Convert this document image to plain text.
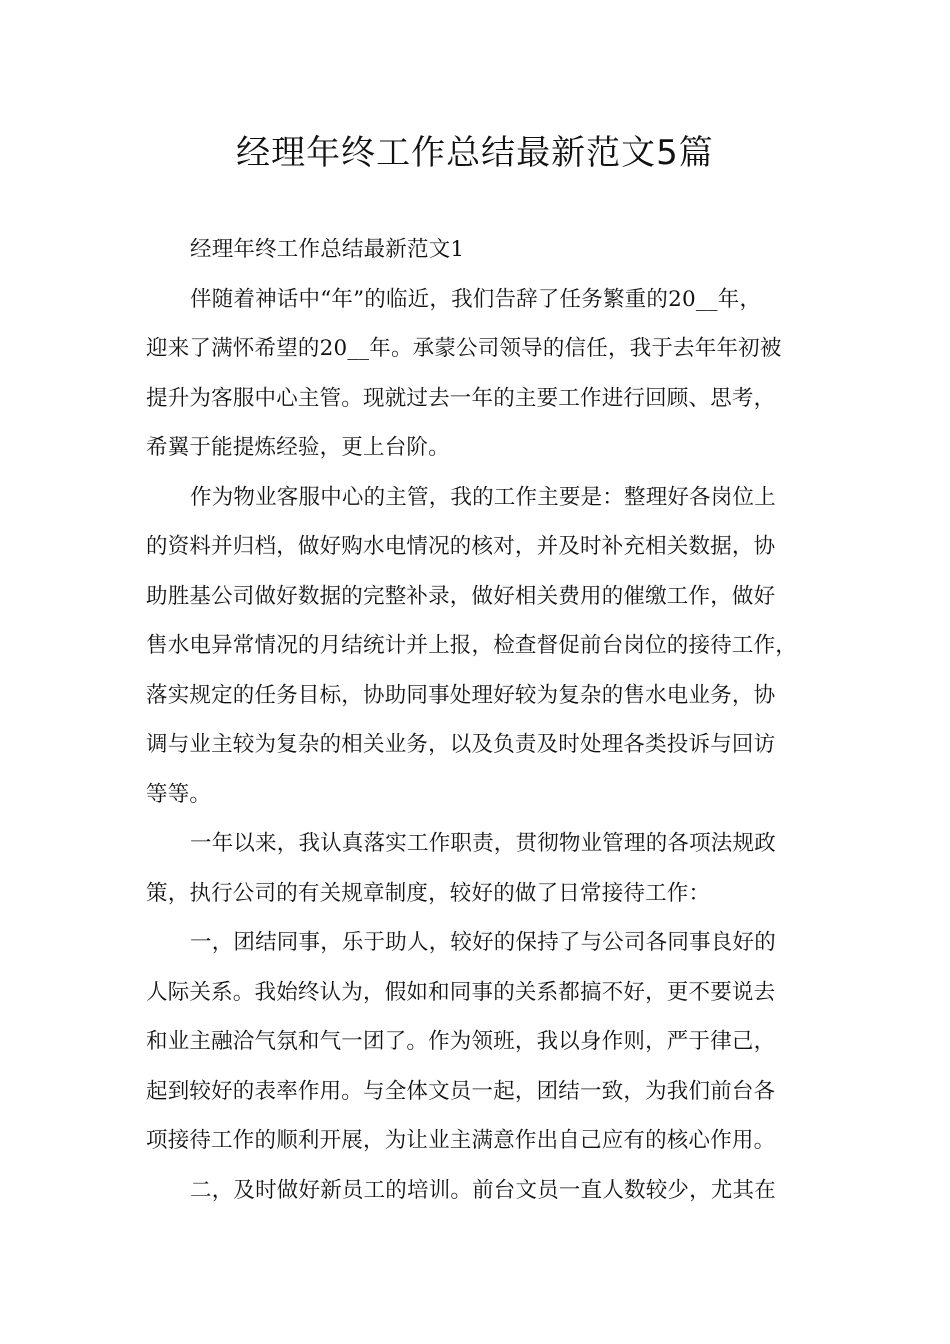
经理年终工作总结最新范文5篇
经理年终工作总结最新范文1
伴随着神话中“年”的临近，我们告辞了任务繁重的20__年，
迎来了满怀希望的20__年。承蒙公司领导的信任，我于去年年初被
提升为客服中心主管。现就过去一年的主要工作进行回顾、思考，
希翼于能提炼经验，更上台阶。
作为物业客服中心的主管，我的工作主要是：整理好各岗位上
的资料并归档，做好购水电情况的核对，并及时补充相关数据，协
助胜基公司做好数据的完整补录，做好相关费用的催缴工作，做好
售水电异常情况的月结统计并上报，检查督促前台岗位的接待工作，
落实规定的任务目标，协助同事处理好较为复杂的售水电业务，协
调与业主较为复杂的相关业务，以及负责及时处理各类投诉与回访
等等。
一年以来，我认真落实工作职责，贯彻物业管理的各项法规政
策，执行公司的有关规章制度，较好的做了日常接待工作：
一，团结同事，乐于助人，较好的保持了与公司各同事良好的
人际关系。我始终认为，假如和同事的关系都搞不好，更不要说去
和业主融洽气氛和气一团了。作为领班，我以身作则，严于律己，
起到较好的表率作用。与全体文员一起，团结一致，为我们前台各
项接待工作的顺利开展，为让业主满意作出自己应有的核心作用。
二，及时做好新员工的培训。前台文员一直人数较少，尤其在
